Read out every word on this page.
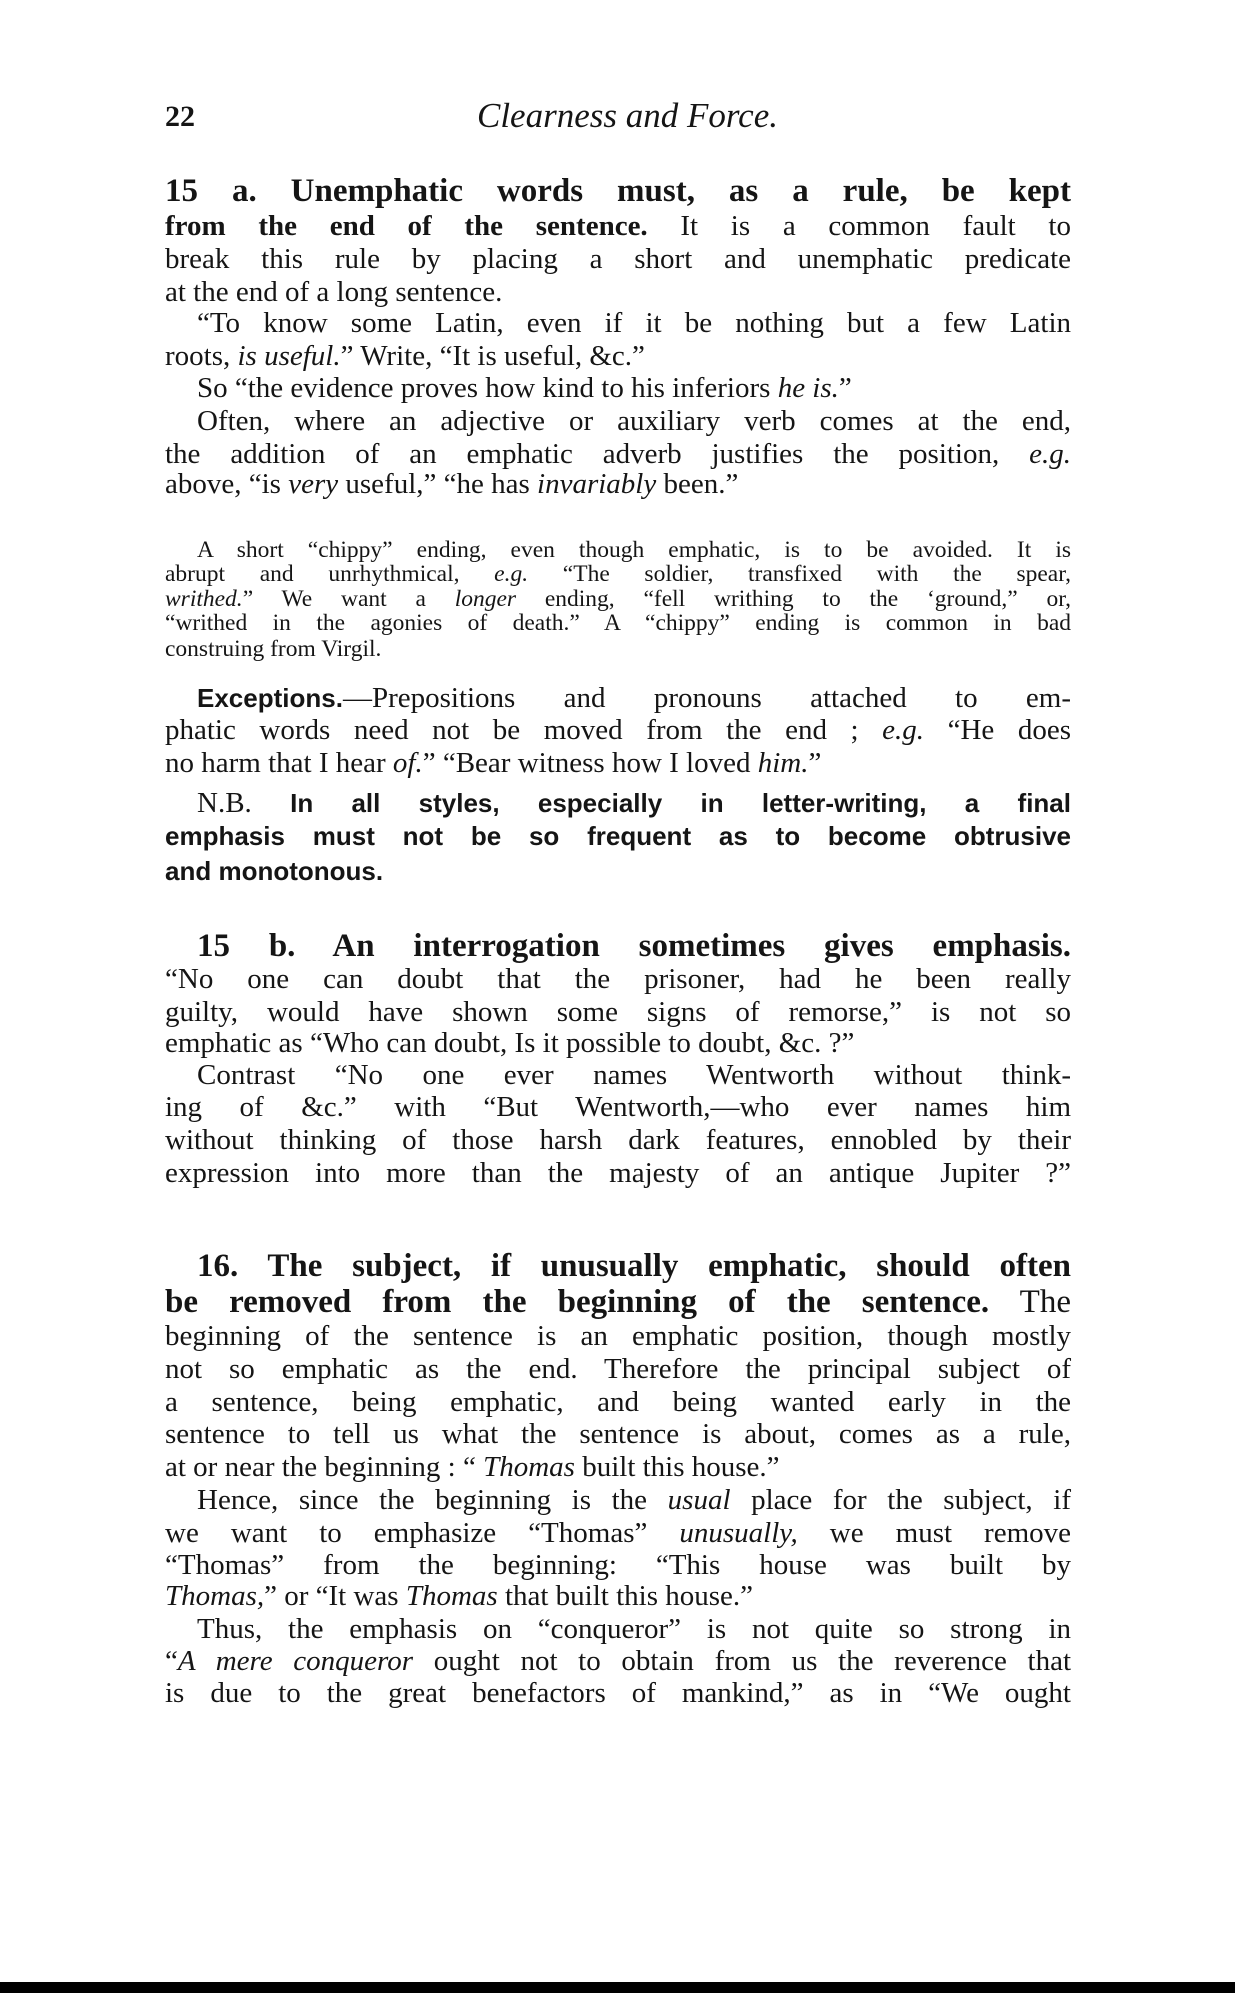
22	Clearness and Force.
15 a. Unemphatic words must, as a rule, be kept
from the end of the sentence. It is a common fault to
break this rule by placing a short and unemphatic predicate
at the end of a long sentence.
“To know some Latin, even if it be nothing but a few Latin
roots, is useful.” Write, “It is useful, &c.”
So “the evidence proves how kind to his inferiors he is.”
Often, where an adjective or auxiliary verb comes at the end,
the addition of an emphatic adverb justifies the position, e.g.
above, “is very useful,” “he has invariably been.”
A short “chippy” ending, even though emphatic, is to be avoided. It is
abrupt and unrhythmical, e.g. “The soldier, transfixed with the spear,
writhed.” We want a longer ending, “fell writhing to the ‘ground,” or,
“writhed in the agonies of death.” A “chippy” ending is common in bad
construing from Virgil.
Exceptions.—Prepositions and pronouns attached to em-
phatic words need not be moved from the end ; e.g. “He does
no harm that I hear of.” “Bear witness how I loved him.”
N.B. In all styles, especially in letter-writing, a final
emphasis must not be so frequent as to become obtrusive
and monotonous.
15 b. An interrogation sometimes gives emphasis.
“No one can doubt that the prisoner, had he been really
guilty, would have shown some signs of remorse,” is not so
emphatic as “Who can doubt, Is it possible to doubt, &c. ?”
Contrast “No one ever names Wentworth without think-
ing of &c.” with “But Wentworth,—who ever names him
without thinking of those harsh dark features, ennobled by their
expression into more than the majesty of an antique Jupiter ?”
16. The subject, if unusually emphatic, should often
be removed from the beginning of the sentence. The
beginning of the sentence is an emphatic position, though mostly
not so emphatic as the end. Therefore the principal subject of
a sentence, being emphatic, and being wanted early in the
sentence to tell us what the sentence is about, comes as a rule,
at or near the beginning : “ Thomas built this house.”
Hence, since the beginning is the usual place for the subject, if
we want to emphasize “Thomas” unusually, we must remove
“Thomas” from the beginning: “This house was built by
Thomas,” or “It was Thomas that built this house.”
Thus, the emphasis on “conqueror” is not quite so strong in
“A mere conqueror ought not to obtain from us the reverence that
is due to the great benefactors of mankind,” as in “We ought
